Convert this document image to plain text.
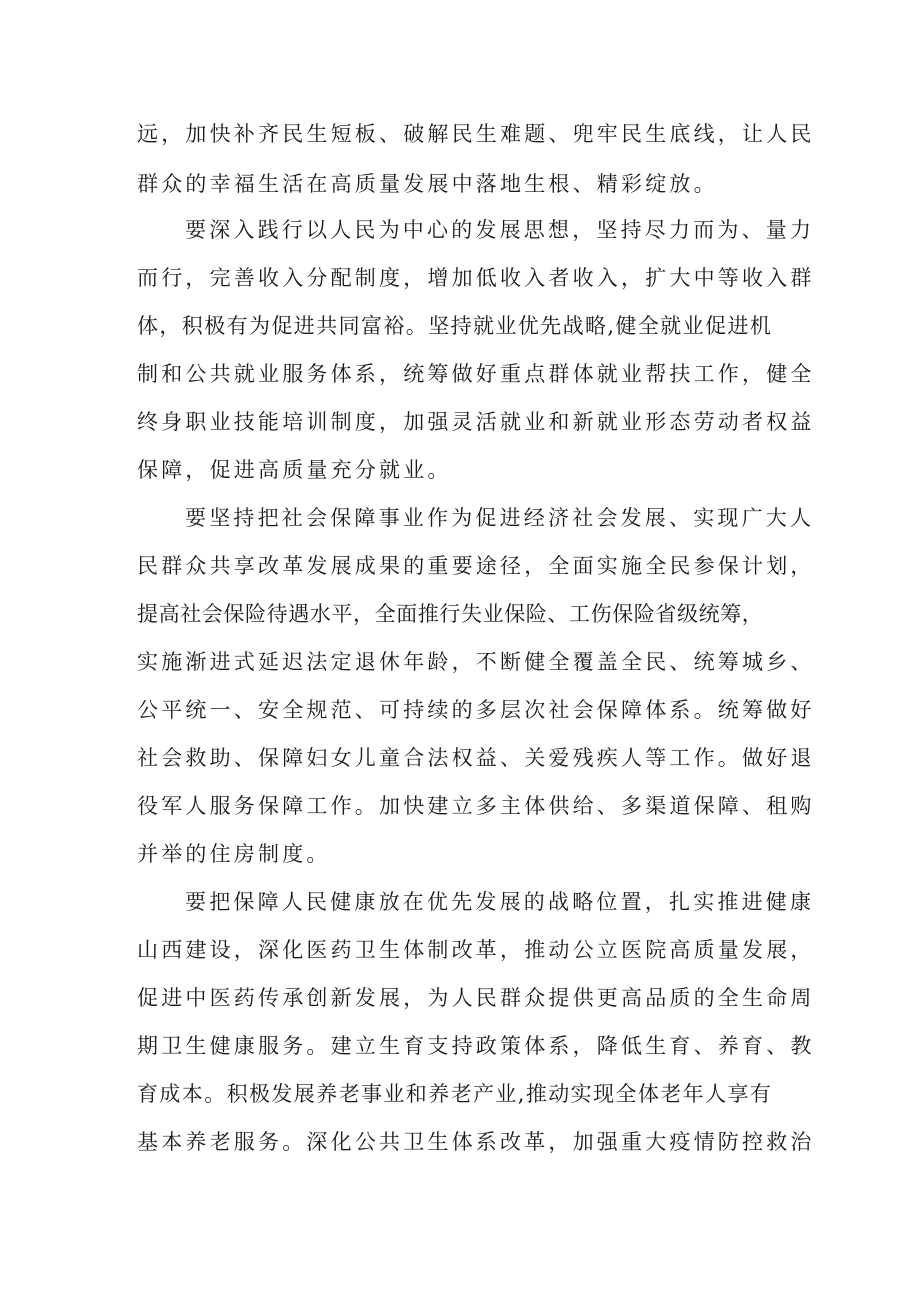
远，加快补齐民生短板、破解民生难题、兜牢民生底线，让人民
群众的幸福生活在高质量发展中落地生根、精彩绽放。
要深入践行以人民为中心的发展思想，坚持尽力而为、量力
而行，完善收入分配制度，增加低收入者收入，扩大中等收入群
体，积极有为促进共同富裕。坚持就业优先战略,健全就业促进机
制和公共就业服务体系，统筹做好重点群体就业帮扶工作，健全
终身职业技能培训制度，加强灵活就业和新就业形态劳动者权益
保障，促进高质量充分就业。
要坚持把社会保障事业作为促进经济社会发展、实现广大人
民群众共享改革发展成果的重要途径，全面实施全民参保计划，
提高社会保险待遇水平，全面推行失业保险、工伤保险省级统筹，
实施渐进式延迟法定退休年龄，不断健全覆盖全民、统筹城乡、
公平统一、安全规范、可持续的多层次社会保障体系。统筹做好
社会救助、保障妇女儿童合法权益、关爱残疾人等工作。做好退
役军人服务保障工作。加快建立多主体供给、多渠道保障、租购
并举的住房制度。
要把保障人民健康放在优先发展的战略位置，扎实推进健康
山西建设，深化医药卫生体制改革，推动公立医院高质量发展，
促进中医药传承创新发展，为人民群众提供更高品质的全生命周
期卫生健康服务。建立生育支持政策体系，降低生育、养育、教
育成本。积极发展养老事业和养老产业,推动实现全体老年人享有
基本养老服务。深化公共卫生体系改革，加强重大疫情防控救治
